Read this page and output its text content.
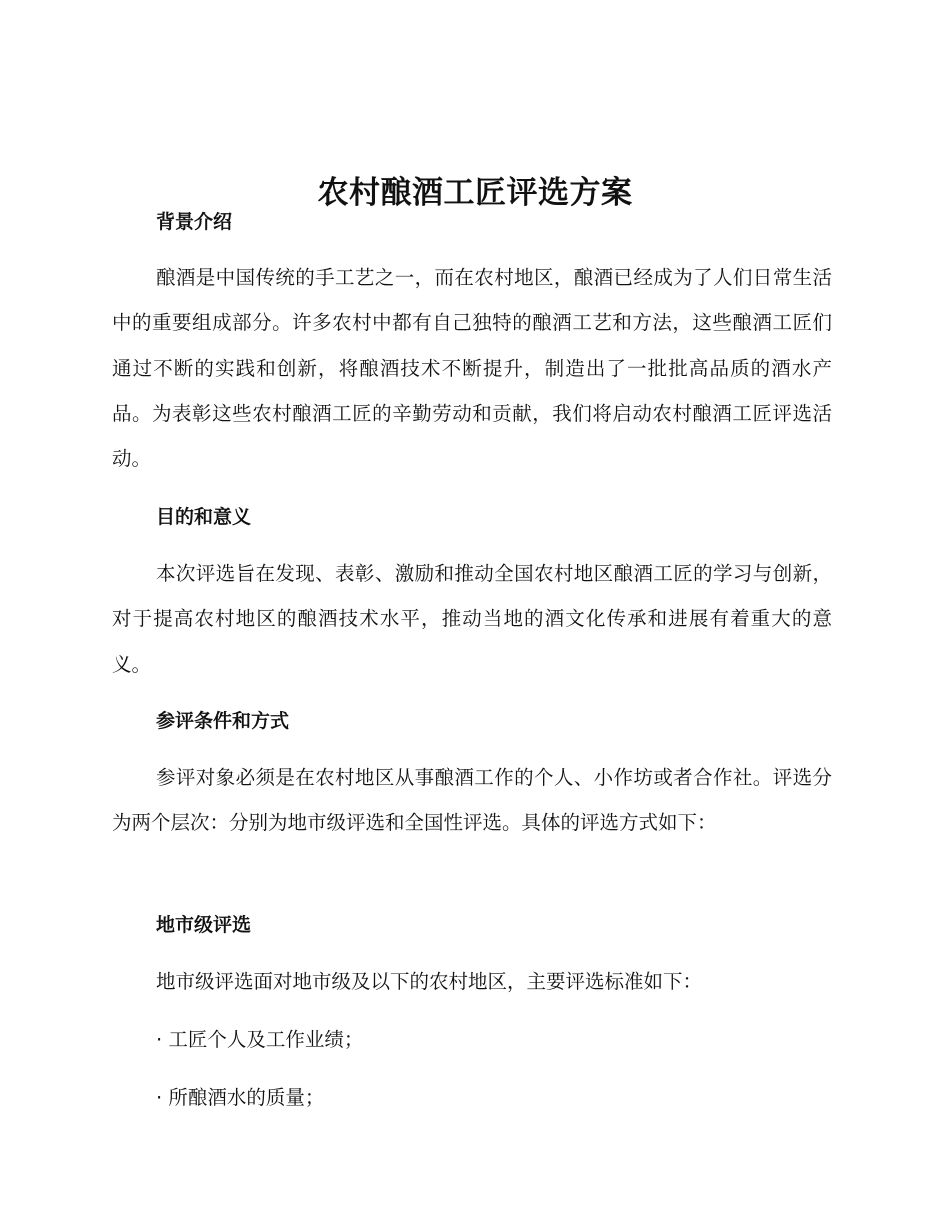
农村酿酒工匠评选方案
背景介绍

酿酒是中国传统的手工艺之一，而在农村地区，酿酒已经成为了人们日常生活中的重要组成部分。许多农村中都有自己独特的酿酒工艺和方法，这些酿酒工匠们通过不断的实践和创新，将酿酒技术不断提升，制造出了一批批高品质的酒水产品。为表彰这些农村酿酒工匠的辛勤劳动和贡献，我们将启动农村酿酒工匠评选活动。

目的和意义

本次评选旨在发现、表彰、激励和推动全国农村地区酿酒工匠的学习与创新，对于提高农村地区的酿酒技术水平，推动当地的酒文化传承和进展有着重大的意义。

参评条件和方式

参评对象必须是在农村地区从事酿酒工作的个人、小作坊或者合作社。评选分为两个层次：分别为地市级评选和全国性评选。具体的评选方式如下：

地市级评选
地市级评选面对地市级及以下的农村地区，主要评选标准如下：
· 工匠个人及工作业绩；
· 所酿酒水的质量；
